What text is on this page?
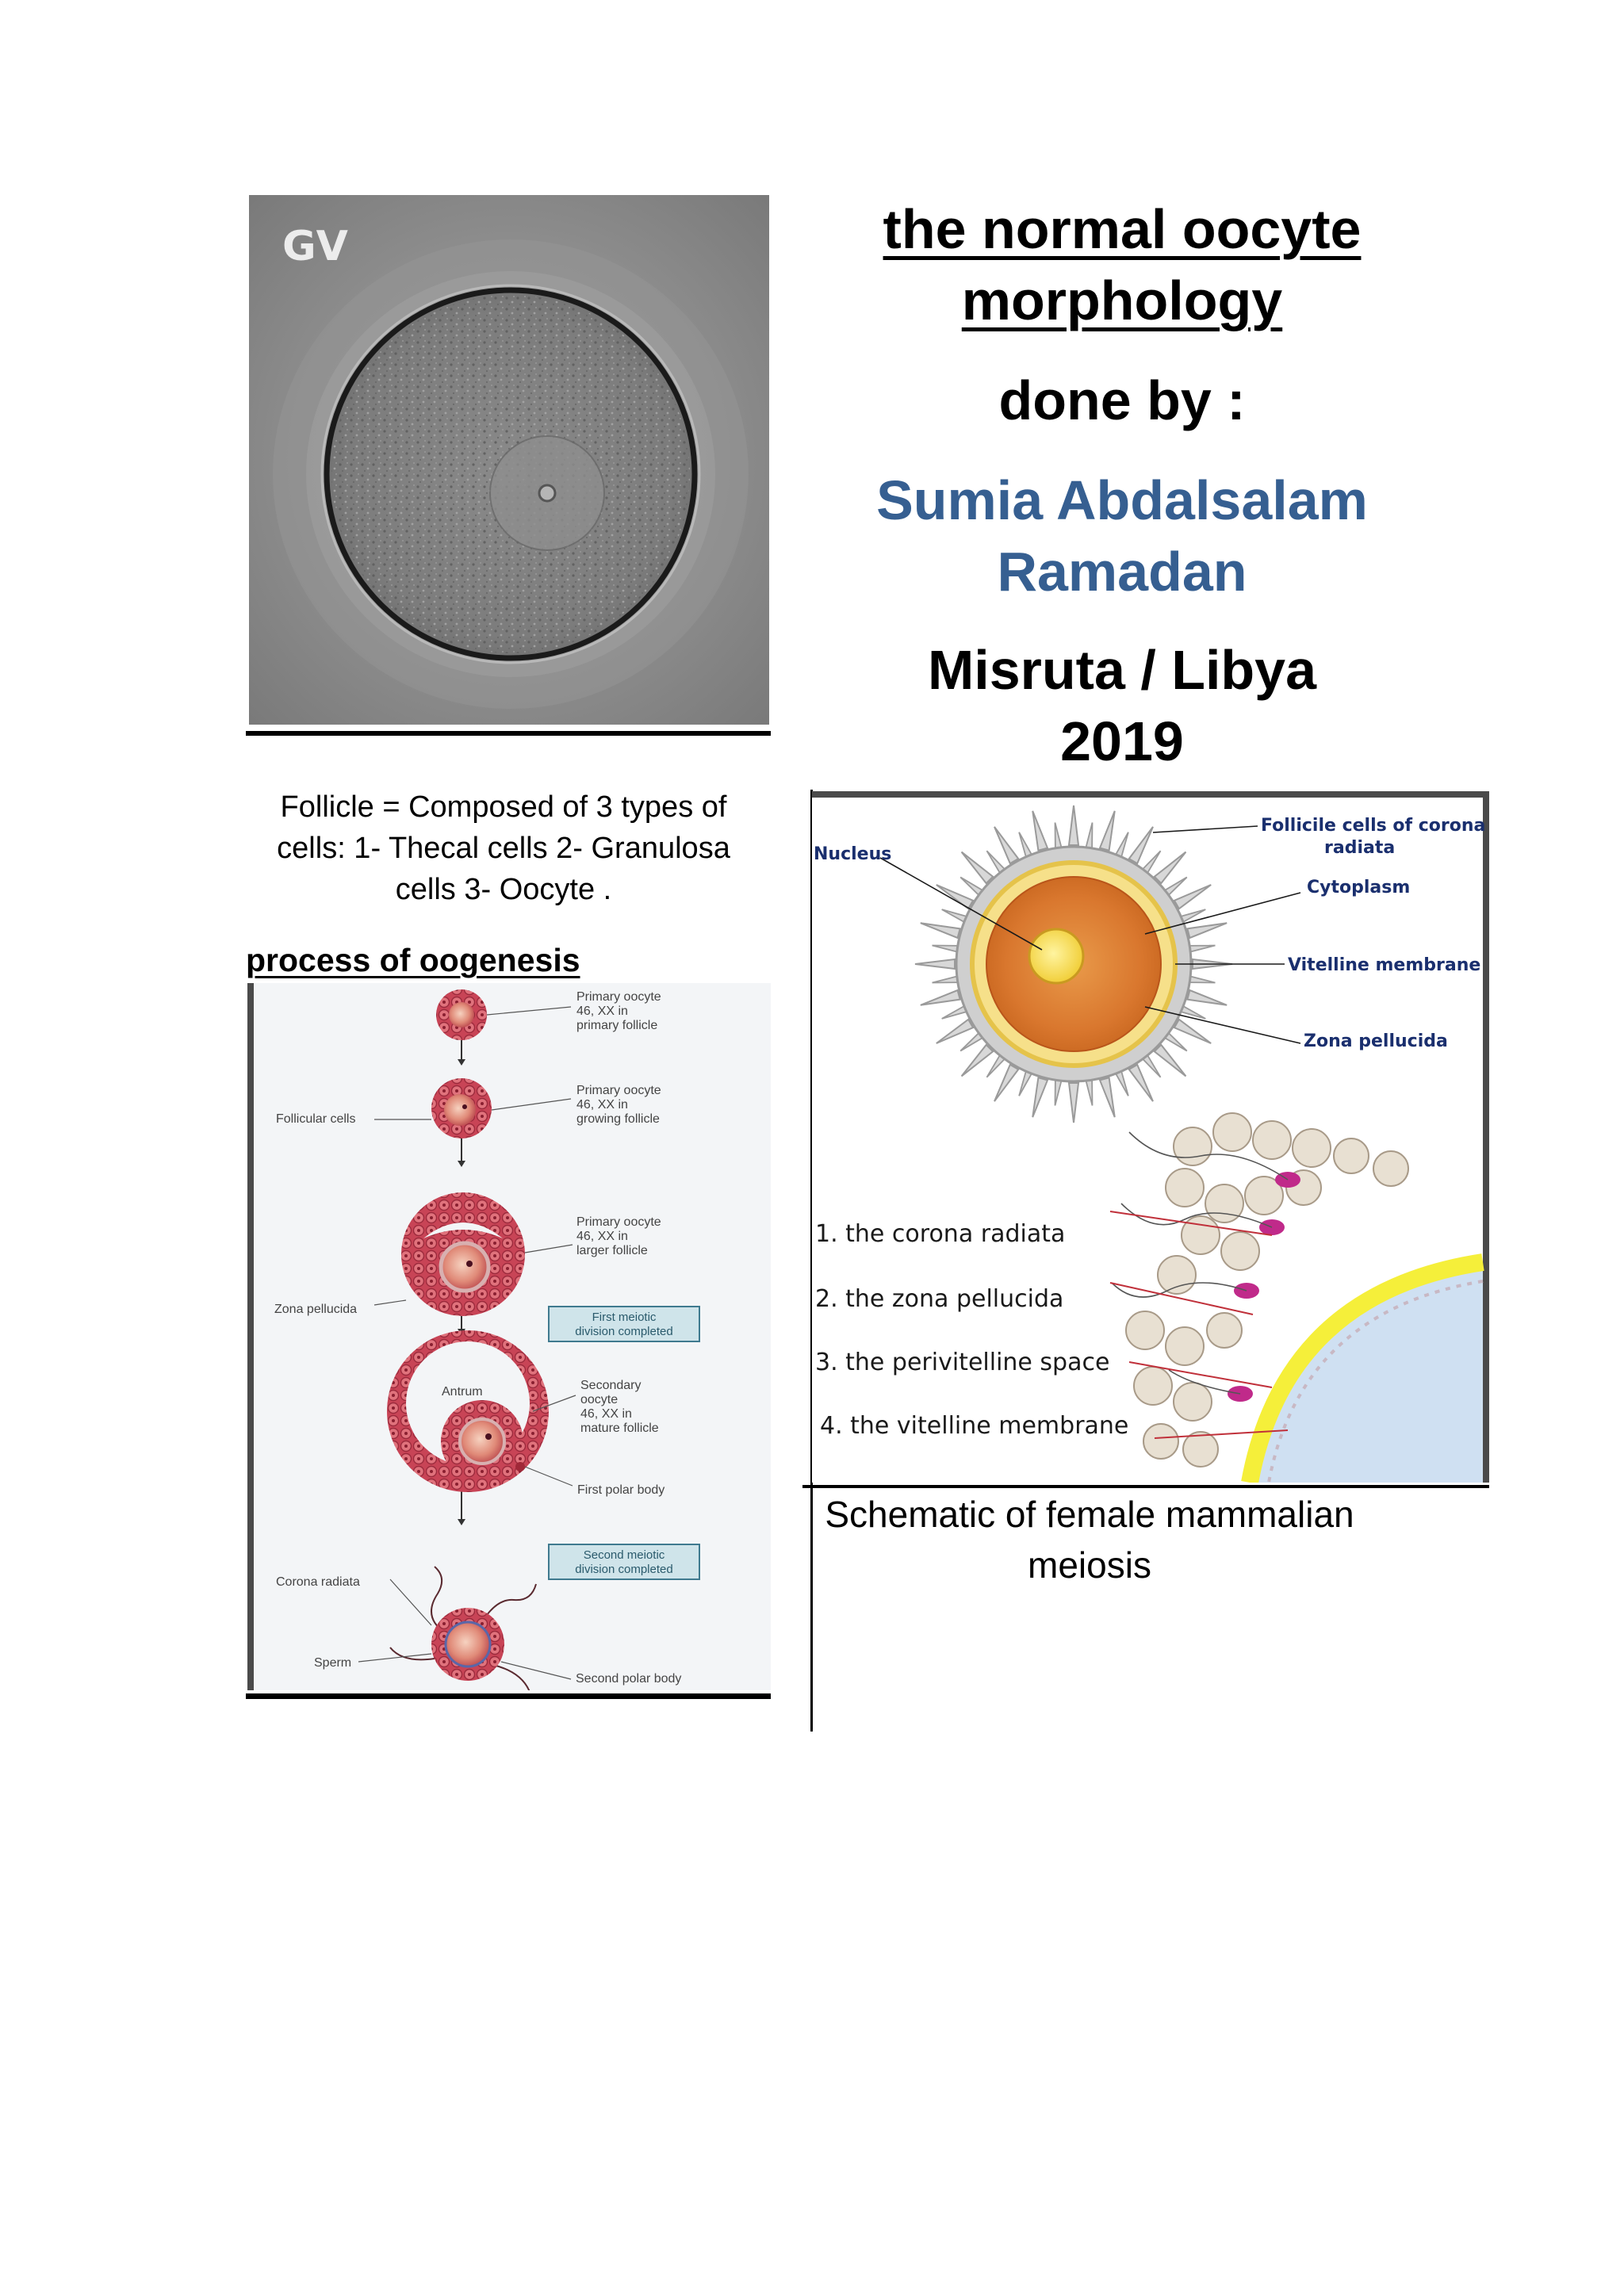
GV	the normal oocyte morphology
done by :
Sumia Abdalsalam Ramadan
Misruta / Libya
2019
Follicle = Composed of 3 types of cells: 1- Thecal cells 2- Granulosa cells 3- Oocyte .
process of oogenesis
Primary oocyte
46, XX in
primary follicle
Primary oocyte
46, XX in
growing follicle
Follicular cells
Primary oocyte
46, XX in
larger follicle
Zona pellucida
First meiotic
division completed
Antrum	Secondary
oocyte
46, XX in
mature follicle
First polar body
Second meiotic
division completed
Corona radiata
Sperm
Second polar body
Nucleus
Follicile cells of corona
radiata
Cytoplasm
Vitelline membrane
Zona pellucida
1. the corona radiata
2. the zona pellucida
3. the perivitelline space
4. the vitelline membrane
Schematic of female mammalian meiosis
